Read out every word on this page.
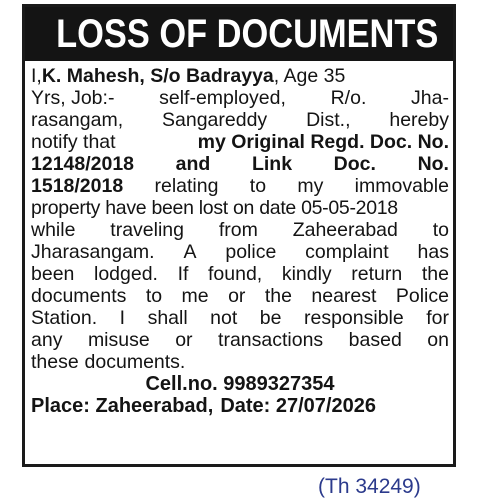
LOSS OF DOCUMENTS
I, K. Mahesh, S/o Badrayya , Age 35
Yrs, Job:- self-employed, R/o. Jha-
rasangam, Sangareddy Dist., hereby
notify that	my Original Regd. Doc. No.
12148/2018 and Link Doc. No.
1518/2018 relating to my immovable
property have been lost on date 05-05-2018
while traveling from Zaheerabad to
Jharasangam. A police complaint has
been lodged. If found, kindly return the
documents to me or the nearest Police
Station. I shall not be responsible for
any misuse or transactions based on
these documents.
Cell.no. 9989327354
Place: Zaheerabad, Date: 27/07/2026
(Th 34249)
